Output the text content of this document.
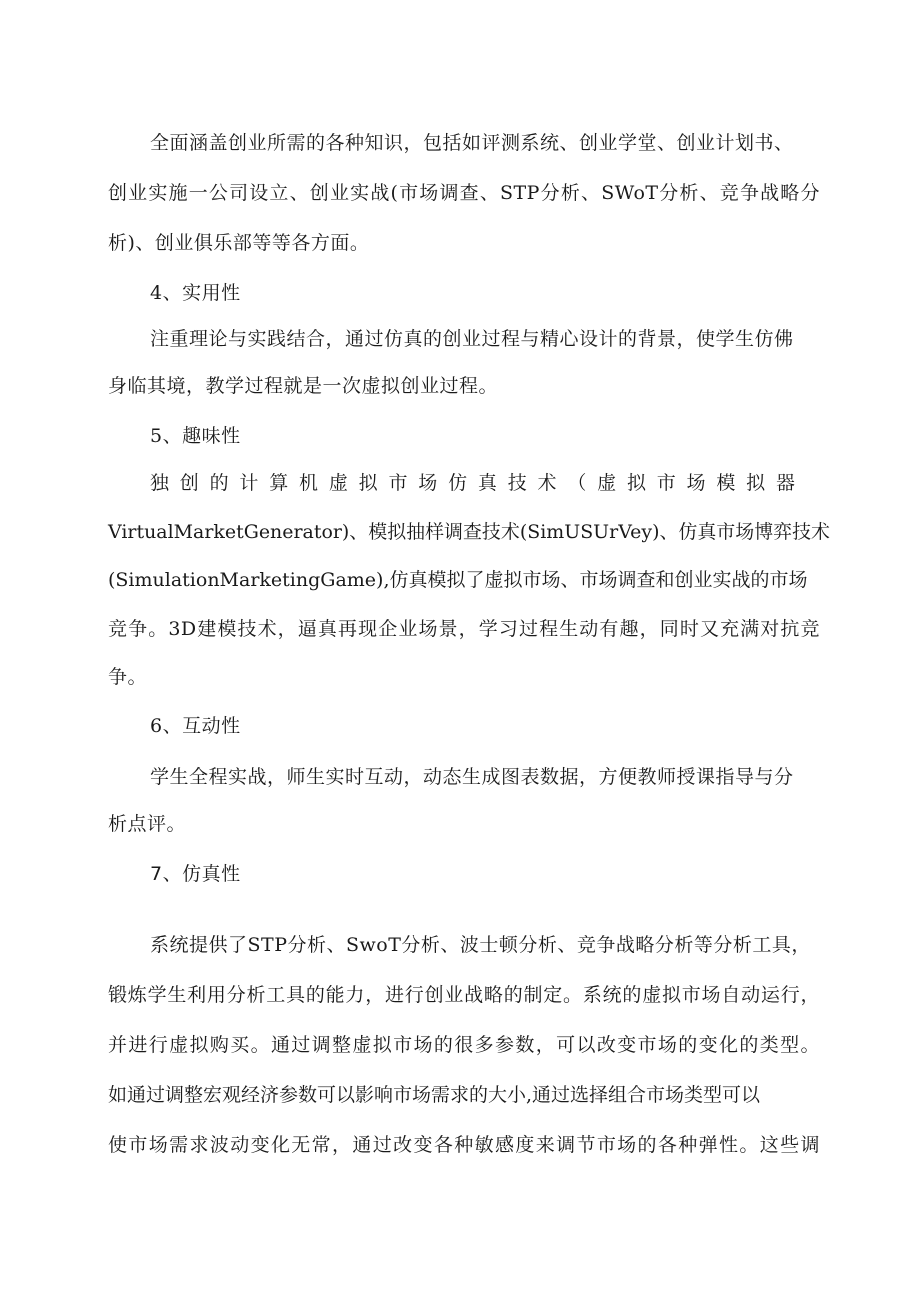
全面涵盖创业所需的各种知识，包括如评测系统、创业学堂、创业计划书、
创业实施一公司设立、创业实战(市场调查、STP分析、SWoT分析、竞争战略分
析)、创业俱乐部等等各方面。
4、实用性
注重理论与实践结合，通过仿真的创业过程与精心设计的背景，使学生仿佛
身临其境，教学过程就是一次虚拟创业过程。
5、趣味性
独创的计算机虚拟市场仿真技术（虚拟市场模拟器
VirtualMarketGenerator)、模拟抽样调查技术(SimUSUrVey)、仿真市场博弈技术
(SimulationMarketingGame),仿真模拟了虚拟市场、市场调查和创业实战的市场
竞争。3D建模技术，逼真再现企业场景，学习过程生动有趣，同时又充满对抗竞
争。
6、互动性
学生全程实战，师生实时互动，动态生成图表数据，方便教师授课指导与分
析点评。
7、仿真性
系统提供了STP分析、SwoT分析、波士顿分析、竞争战略分析等分析工具，
锻炼学生利用分析工具的能力，进行创业战略的制定。系统的虚拟市场自动运行，
并进行虚拟购买。通过调整虚拟市场的很多参数，可以改变市场的变化的类型。
如通过调整宏观经济参数可以影响市场需求的大小,通过选择组合市场类型可以
使市场需求波动变化无常，通过改变各种敏感度来调节市场的各种弹性。这些调
